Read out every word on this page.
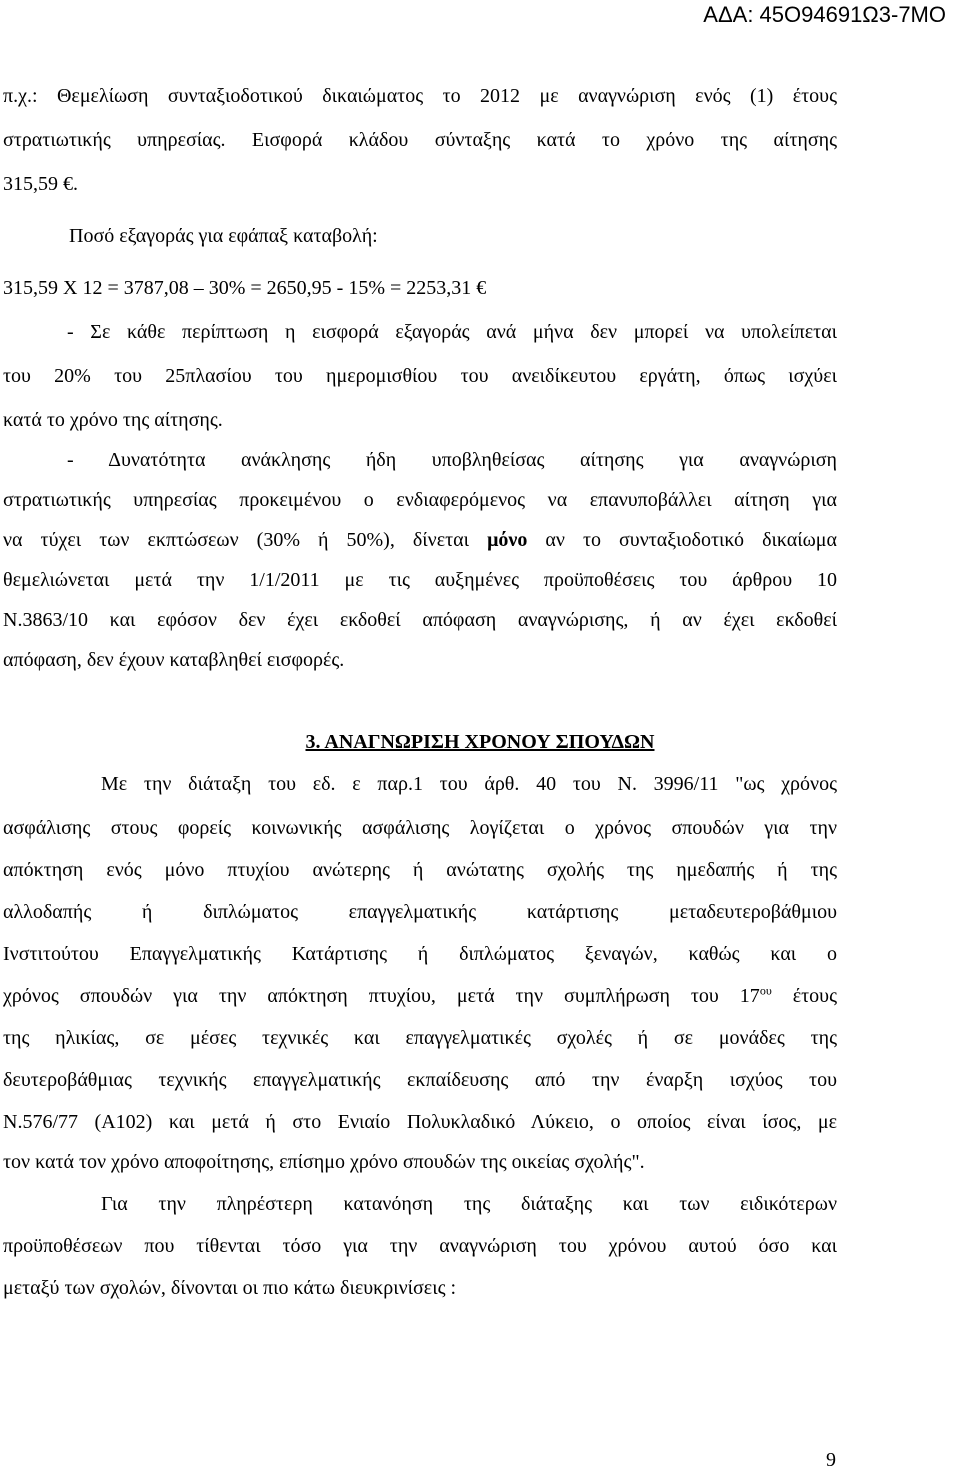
ΑΔΑ: 45Ο94691Ω3-7ΜΟ
π.χ.: Θεμελίωση συνταξιοδοτικού δικαιώματος το 2012 με αναγνώριση ενός (1) έτους
στρατιωτικής υπηρεσίας. Εισφορά κλάδου σύνταξης κατά το χρόνο της αίτησης
315,59 €.
Ποσό εξαγοράς για εφάπαξ καταβολή:
315,59 Χ 12 = 3787,08 – 30% = 2650,95 - 15% = 2253,31 €
- Σε κάθε περίπτωση η εισφορά εξαγοράς ανά μήνα δεν μπορεί να υπολείπεται
του 20% του 25πλασίου του ημερομισθίου του ανειδίκευτου εργάτη, όπως ισχύει
κατά το χρόνο της αίτησης.
- Δυνατότητα ανάκλησης ήδη υποβληθείσας αίτησης για αναγνώριση
στρατιωτικής υπηρεσίας προκειμένου ο ενδιαφερόμενος να επανυποβάλλει αίτηση για
να τύχει των εκπτώσεων (30% ή 50%), δίνεται μόνο αν το συνταξιοδοτικό δικαίωμα
θεμελιώνεται μετά την 1/1/2011 με τις αυξημένες προϋποθέσεις του άρθρου 10
Ν.3863/10 και εφόσον δεν έχει εκδοθεί απόφαση αναγνώρισης, ή αν έχει εκδοθεί
απόφαση, δεν έχουν καταβληθεί εισφορές.
3. ΑΝΑΓΝΩΡΙΣΗ ΧΡΟΝΟΥ ΣΠΟΥΔΩΝ
Με την διάταξη του εδ. ε παρ.1 του άρθ. 40 του Ν. 3996/11 "ως χρόνος
ασφάλισης στους φορείς κοινωνικής ασφάλισης λογίζεται ο χρόνος σπουδών για την
απόκτηση ενός μόνο πτυχίου ανώτερης ή ανώτατης σχολής της ημεδαπής ή της
αλλοδαπής ή διπλώματος επαγγελματικής κατάρτισης μεταδευτεροβάθμιου
Ινστιτούτου Επαγγελματικής Κατάρτισης ή διπλώματος ξεναγών, καθώς και ο
χρόνος σπουδών για την απόκτηση πτυχίου, μετά την συμπλήρωση του $17^{o\upsilon}$ έτους
της ηλικίας, σε μέσες τεχνικές και επαγγελματικές σχολές ή σε μονάδες της
δευτεροβάθμιας τεχνικής επαγγελματικής εκπαίδευσης από την έναρξη ισχύος του
Ν.576/77 (Α102) και μετά ή στο Ενιαίο Πολυκλαδικό Λύκειο, ο οποίος είναι ίσος, με
τον κατά τον χρόνο αποφοίτησης, επίσημο χρόνο σπουδών της οικείας σχολής".
Για την πληρέστερη κατανόηση της διάταξης και των ειδικότερων
προϋποθέσεων που τίθενται τόσο για την αναγνώριση του χρόνου αυτού όσο και
μεταξύ των σχολών, δίνονται οι πιο κάτω διευκρινίσεις :
9
